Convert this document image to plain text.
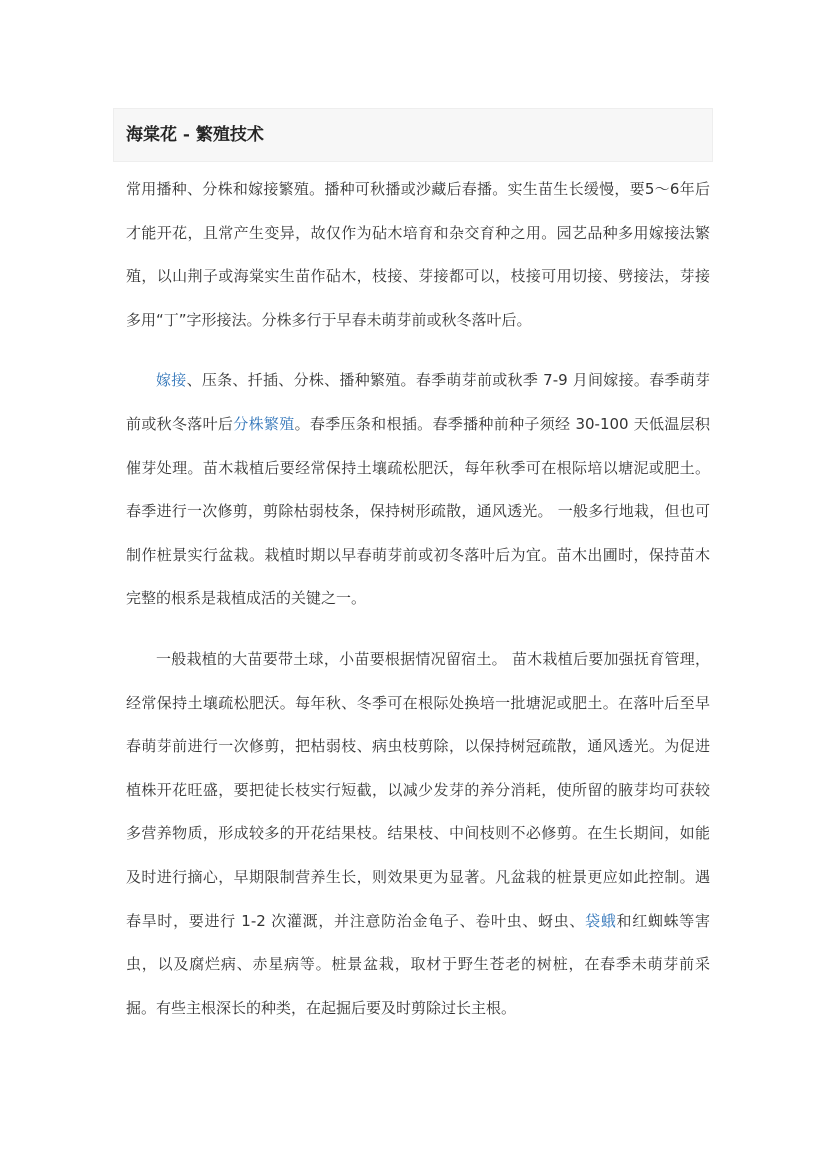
海棠花 - 繁殖技术

常用播种、分株和嫁接繁殖。播种可秋播或沙藏后春播。实生苗生长缓慢，要5～6年后才能开花，且常产生变异，故仅作为砧木培育和杂交育种之用。园艺品种多用嫁接法繁殖，以山荆子或海棠实生苗作砧木，枝接、芽接都可以，枝接可用切接、劈接法，芽接多用“丁”字形接法。分株多行于早春未萌芽前或秋冬落叶后。

嫁接、压条、扦插、分株、播种繁殖。春季萌芽前或秋季 7-9 月间嫁接。春季萌芽前或秋冬落叶后分株繁殖。春季压条和根插。春季播种前种子须经 30-100 天低温层积催芽处理。苗木栽植后要经常保持土壤疏松肥沃，每年秋季可在根际培以塘泥或肥土。春季进行一次修剪，剪除枯弱枝条，保持树形疏散，通风透光。 一般多行地栽，但也可制作桩景实行盆栽。栽植时期以早春萌芽前或初冬落叶后为宜。苗木出圃时，保持苗木完整的根系是栽植成活的关键之一。

一般栽植的大苗要带土球，小苗要根据情况留宿土。 苗木栽植后要加强抚育管理，经常保持土壤疏松肥沃。每年秋、冬季可在根际处换培一批塘泥或肥土。在落叶后至早春萌芽前进行一次修剪，把枯弱枝、病虫枝剪除，以保持树冠疏散，通风透光。为促进植株开花旺盛，要把徒长枝实行短截，以减少发芽的养分消耗，使所留的腋芽均可获较多营养物质，形成较多的开花结果枝。结果枝、中间枝则不必修剪。在生长期间，如能及时进行摘心，早期限制营养生长，则效果更为显著。凡盆栽的桩景更应如此控制。遇春旱时，要进行 1-2 次灌溉，并注意防治金龟子、卷叶虫、蚜虫、袋蛾和红蜘蛛等害虫，以及腐烂病、赤星病等。桩景盆栽，取材于野生苍老的树桩，在春季未萌芽前采掘。有些主根深长的种类，在起掘后要及时剪除过长主根。
